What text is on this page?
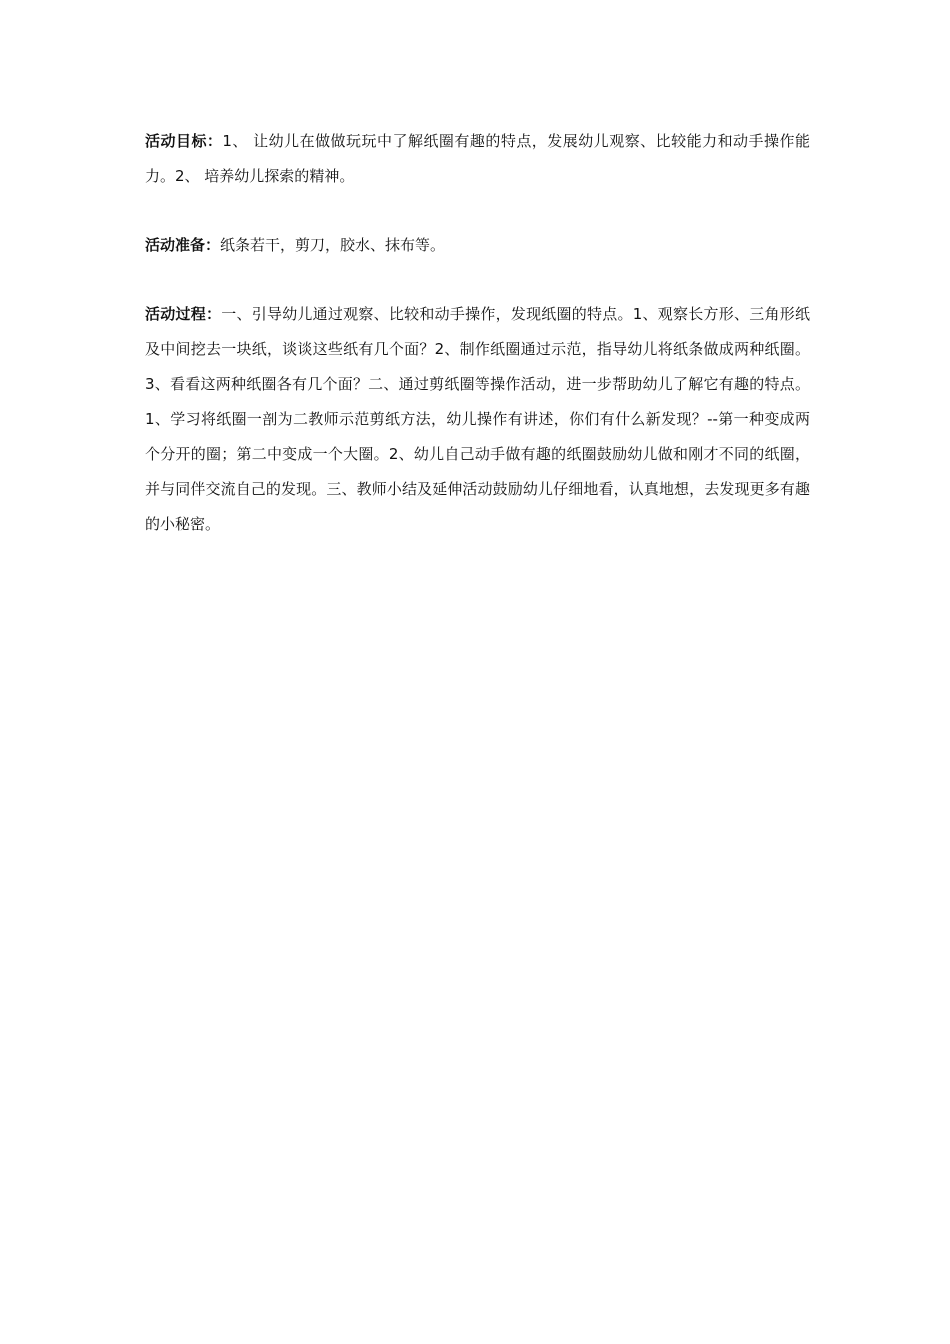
活动目标：1、 让幼儿在做做玩玩中了解纸圈有趣的特点，发展幼儿观察、比较能力和动手操作能力。2、 培养幼儿探索的精神。

活动准备：纸条若干，剪刀，胶水、抹布等。

活动过程：一、引导幼儿通过观察、比较和动手操作，发现纸圈的特点。1、观察长方形、三角形纸及中间挖去一块纸，谈谈这些纸有几个面？2、制作纸圈通过示范，指导幼儿将纸条做成两种纸圈。3、看看这两种纸圈各有几个面？二、通过剪纸圈等操作活动，进一步帮助幼儿了解它有趣的特点。1、学习将纸圈一剖为二教师示范剪纸方法，幼儿操作有讲述，你们有什么新发现？--第一种变成两个分开的圈；第二中变成一个大圈。2、幼儿自己动手做有趣的纸圈鼓励幼儿做和刚才不同的纸圈，并与同伴交流自己的发现。三、教师小结及延伸活动鼓励幼儿仔细地看，认真地想，去发现更多有趣的小秘密。
